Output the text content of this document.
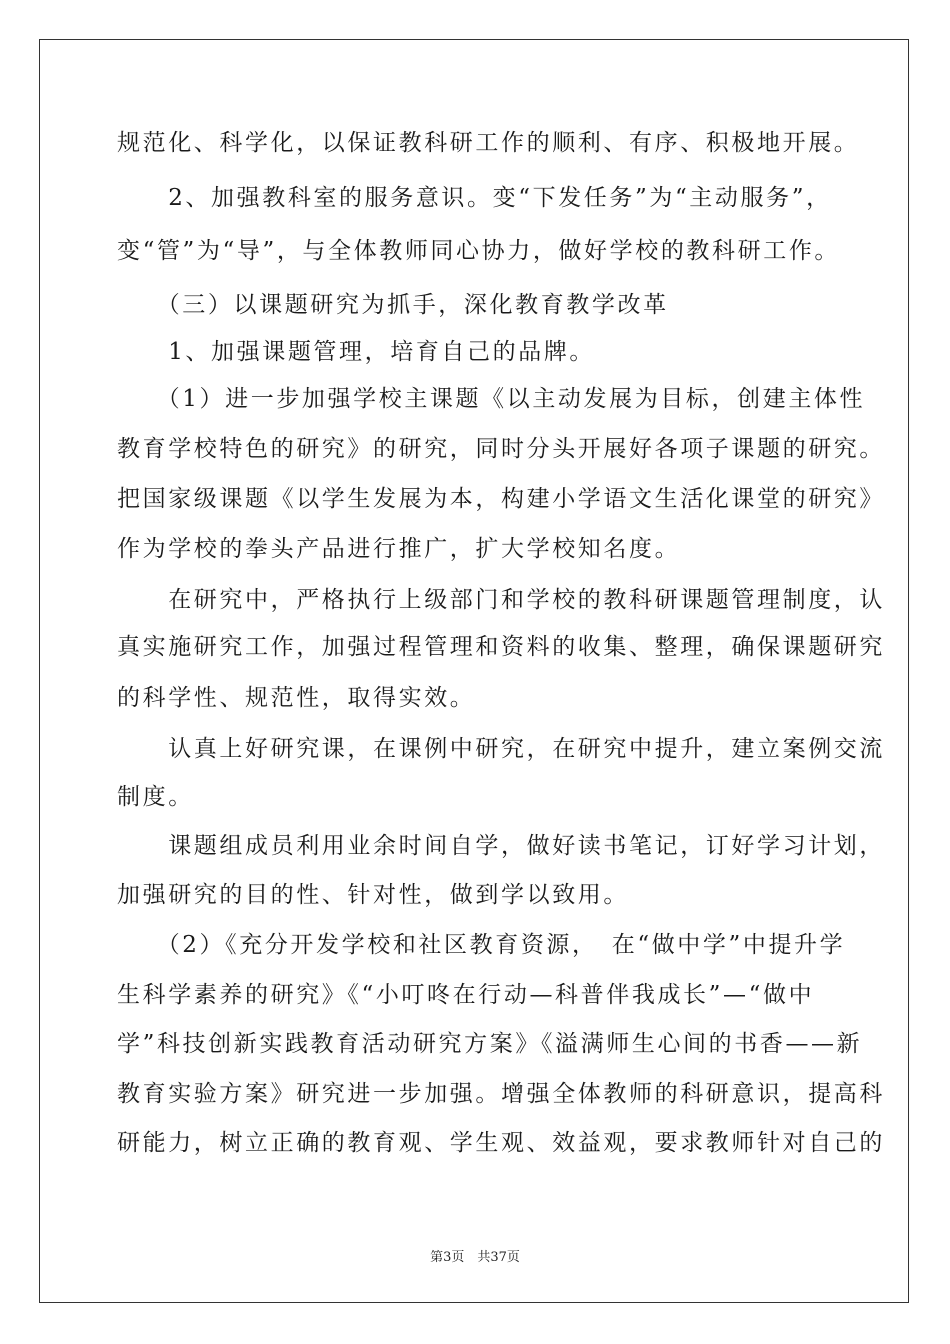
规范化、科学化，以保证教科研工作的顺利、有序、积极地开展。
　　2、加强教科室的服务意识。变“下发任务”为“主动服务”，
变“管”为“导”，与全体教师同心协力，做好学校的教科研工作。
　　（三）以课题研究为抓手，深化教育教学改革
　　1、加强课题管理，培育自己的品牌。
　　（1）进一步加强学校主课题《以主动发展为目标，创建主体性
教育学校特色的研究》的研究，同时分头开展好各项子课题的研究。
把国家级课题《以学生发展为本，构建小学语文生活化课堂的研究》
作为学校的拳头产品进行推广，扩大学校知名度。
　　在研究中，严格执行上级部门和学校的教科研课题管理制度，认
真实施研究工作，加强过程管理和资料的收集、整理，确保课题研究
的科学性、规范性，取得实效。
　　认真上好研究课，在课例中研究，在研究中提升，建立案例交流
制度。
　　课题组成员利用业余时间自学，做好读书笔记，订好学习计划，
加强研究的目的性、针对性，做到学以致用。
　　（2）《充分开发学校和社区教育资源，　在“做中学”中提升学
生科学素养的研究》《“小叮咚在行动—科普伴我成长”—“做中
学”科技创新实践教育活动研究方案》《溢满师生心间的书香——新
教育实验方案》研究进一步加强。增强全体教师的科研意识，提高科
研能力，树立正确的教育观、学生观、效益观，要求教师针对自己的
第3页　共37页
